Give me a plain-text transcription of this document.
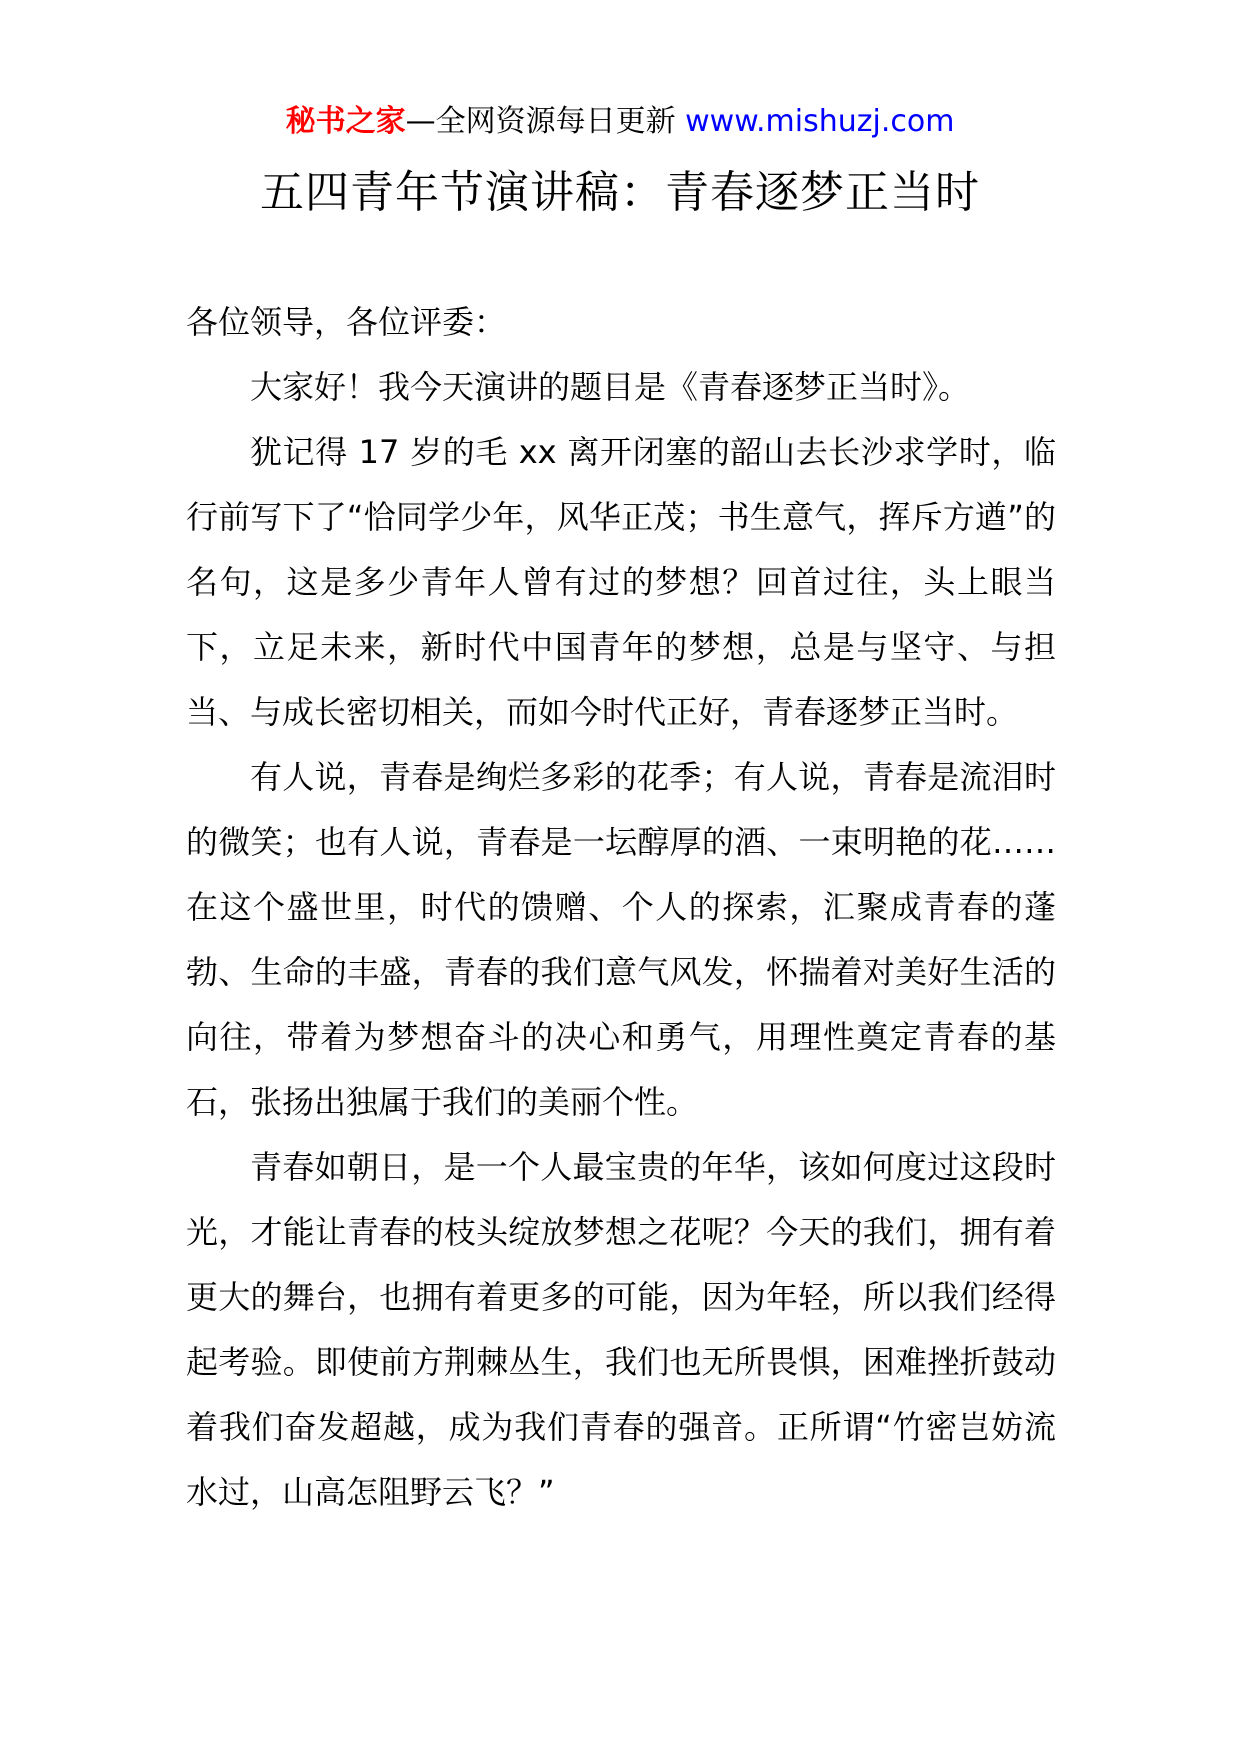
秘书之家—全网资源每日更新 www.mishuzj.com
五四青年节演讲稿：青春逐梦正当时

各位领导，各位评委：

大家好！我今天演讲的题目是《青春逐梦正当时》。

犹记得 17 岁的毛 xx 离开闭塞的韶山去长沙求学时，临行前写下了“恰同学少年，风华正茂；书生意气，挥斥方遒”的名句，这是多少青年人曾有过的梦想？回首过往，头上眼当下，立足未来，新时代中国青年的梦想，总是与坚守、与担当、与成长密切相关，而如今时代正好，青春逐梦正当时。

有人说，青春是绚烂多彩的花季；有人说，青春是流泪时的微笑；也有人说，青春是一坛醇厚的酒、一束明艳的花……在这个盛世里，时代的馈赠、个人的探索，汇聚成青春的蓬勃、生命的丰盛，青春的我们意气风发，怀揣着对美好生活的向往，带着为梦想奋斗的决心和勇气，用理性奠定青春的基石，张扬出独属于我们的美丽个性。

青春如朝日，是一个人最宝贵的年华，该如何度过这段时光，才能让青春的枝头绽放梦想之花呢？今天的我们，拥有着更大的舞台，也拥有着更多的可能，因为年轻，所以我们经得起考验。即使前方荆棘丛生，我们也无所畏惧，困难挫折鼓动着我们奋发超越，成为我们青春的强音。正所谓“竹密岂妨流水过，山高怎阻野云飞？”
